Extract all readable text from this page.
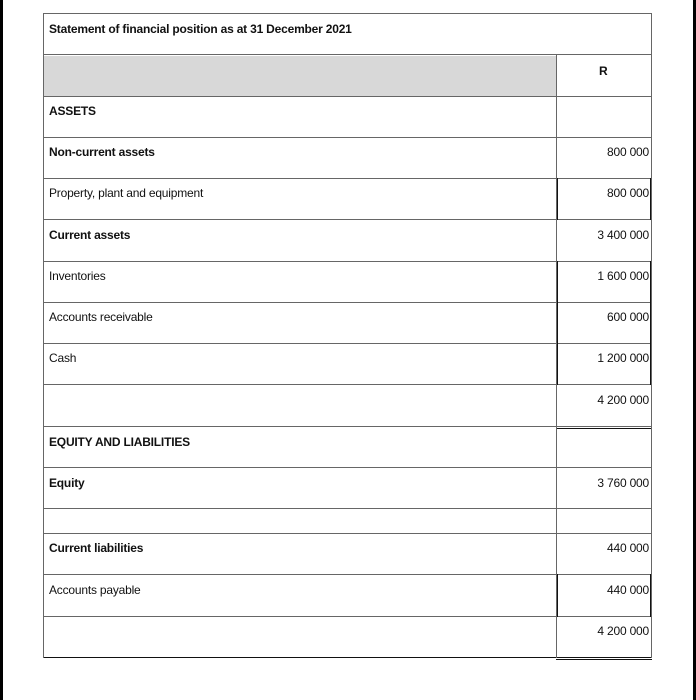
Statement of financial position as at 31 December 2021
R
ASSETS
Non-current assets	800 000
Property, plant and equipment	800 000
Current assets	3 400 000
Inventories	1 600 000
Accounts receivable	600 000
Cash	1 200 000
4 200 000
EQUITY AND LIABILITIES
Equity	3 760 000
Current liabilities	440 000
Accounts payable	440 000
4 200 000
